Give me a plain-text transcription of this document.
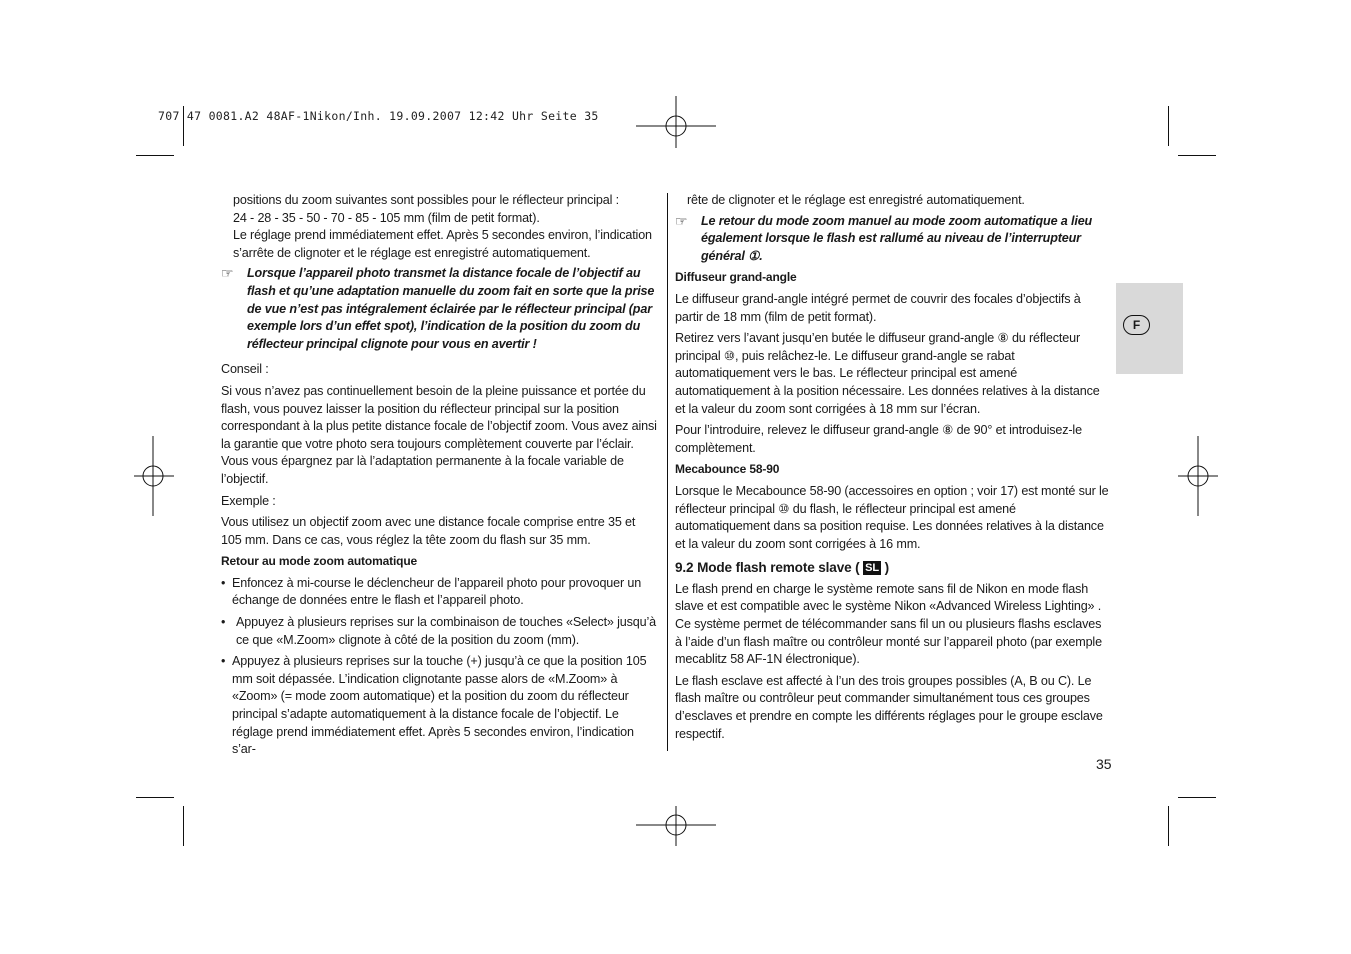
707 47 0081.A2 48AF-1Nikon/Inh. 19.09.2007 12:42 Uhr Seite 35

positions du zoom suivantes sont possibles pour le réflecteur principal :

24 - 28 - 35 - 50 - 70 - 85 - 105 mm (film de petit format).

Le réglage prend immédiatement effet. Après 5 secondes environ, l’indication s’arrête de clignoter et le réglage est enregistré automatiquement.

☞	Lorsque l’appareil photo transmet la distance focale de l’objectif au flash et qu’une adaptation manuelle du zoom fait en sorte que la prise de vue n’est pas intégralement éclairée par le réflecteur principal (par exemple lors d’un effet spot), l’indication de la position du zoom du réflecteur principal clignote pour vous en avertir !

Conseil :

Si vous n’avez pas continuellement besoin de la pleine puissance et portée du flash, vous pouvez laisser la position du réflecteur principal sur la position correspondant à la plus petite distance focale de l’objectif zoom. Vous avez ainsi la garantie que votre photo sera toujours complètement couverte par l’éclair. Vous vous épargnez par là l’adaptation permanente à la focale variable de l’objectif.

Exemple :

Vous utilisez un objectif zoom avec une distance focale comprise entre 35 et 105 mm. Dans ce cas, vous réglez la tête zoom du flash sur 35 mm.

Retour au mode zoom automatique

• Enfoncez à mi-course le déclencheur de l’appareil photo pour provoquer un échange de données entre le flash et l’appareil photo.
• Appuyez à plusieurs reprises sur la combinaison de touches «Select» jusqu’à ce que «M.Zoom» clignote à côté de la position du zoom (mm).
• Appuyez à plusieurs reprises sur la touche (+) jusqu’à ce que la position 105 mm soit dépassée. L’indication clignotante passe alors de «M.Zoom» à «Zoom» (= mode zoom automatique) et la position du zoom du réflecteur principal s’adapte automatiquement à la distance focale de l’objectif. Le réglage prend immédiatement effet. Après 5 secondes environ, l’indication s’ar-

rête de clignoter et le réglage est enregistré automatiquement.

☞	Le retour du mode zoom manuel au mode zoom automatique a lieu également lorsque le flash est rallumé au niveau de l’interrupteur général ①.

Diffuseur grand-angle

Le diffuseur grand-angle intégré permet de couvrir des focales d’objectifs à partir de 18 mm (film de petit format).

Retirez vers l’avant jusqu’en butée le diffuseur grand-angle ⑧ du réflecteur principal ⑩, puis relâchez-le. Le diffuseur grand-angle se rabat automatiquement vers le bas. Le réflecteur principal est amené automatiquement à la position nécessaire. Les données relatives à la distance et la valeur du zoom sont corrigées à 18 mm sur l’écran.

Pour l’introduire, relevez le diffuseur grand-angle ⑧ de 90° et introduisez-le complètement.

Mecabounce 58-90

Lorsque le Mecabounce 58-90 (accessoires en option ; voir 17) est monté sur le réflecteur principal ⑩ du flash, le réflecteur principal est amené automatiquement dans sa position requise. Les données relatives à la distance et la valeur du zoom sont corrigées à 16 mm.

9.2 Mode flash remote slave ( SL )

Le flash prend en charge le système remote sans fil de Nikon en mode flash slave et est compatible avec le système Nikon «Advanced Wireless Lighting» . Ce système permet de télécommander sans fil un ou plusieurs flashs esclaves à l’aide d’un flash maître ou contrôleur monté sur l’appareil photo (par exemple mecablitz 58 AF-1N électronique).

Le flash esclave est affecté à l’un des trois groupes possibles (A, B ou C). Le flash maître ou contrôleur peut commander simultanément tous ces groupes d’esclaves et prendre en compte les différents réglages pour le groupe esclave respectif.

F
35
